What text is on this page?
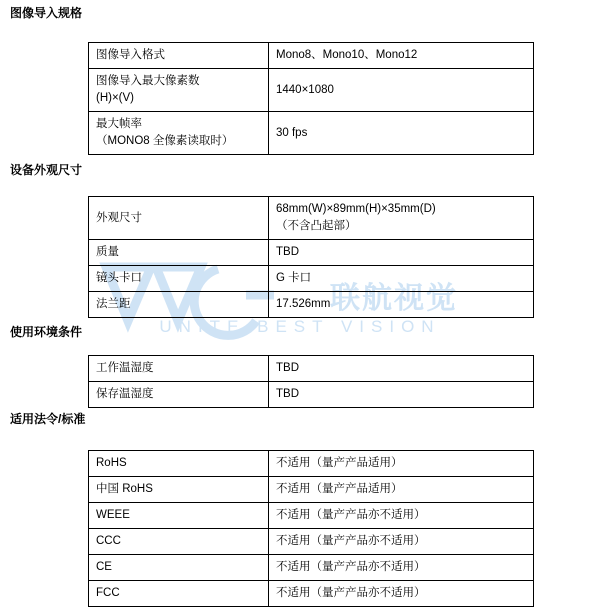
联航视觉
UNITE BEST VISION
图像导入规格
图像导入格式	Mono8、Mono10、Mono12

图像导入最大像素数
(H)×(V)	1440×1080

最大帧率
（MONO8 全像素读取时）	30 fps
设备外观尺寸
外观尺寸	68mm(W)×89mm(H)×35mm(D)
（不含凸起部）

质量	TBD
镜头卡口	G 卡口
法兰距	17.526mm
使用环境条件
工作温湿度	TBD
保存温湿度	TBD
适用法令/标准
RoHS	不适用（量产产品适用）
中国 RoHS	不适用（量产产品适用）
WEEE	不适用（量产产品亦不适用）
CCC	不适用（量产产品亦不适用）
CE	不适用（量产产品亦不适用）
FCC	不适用（量产产品亦不适用）
